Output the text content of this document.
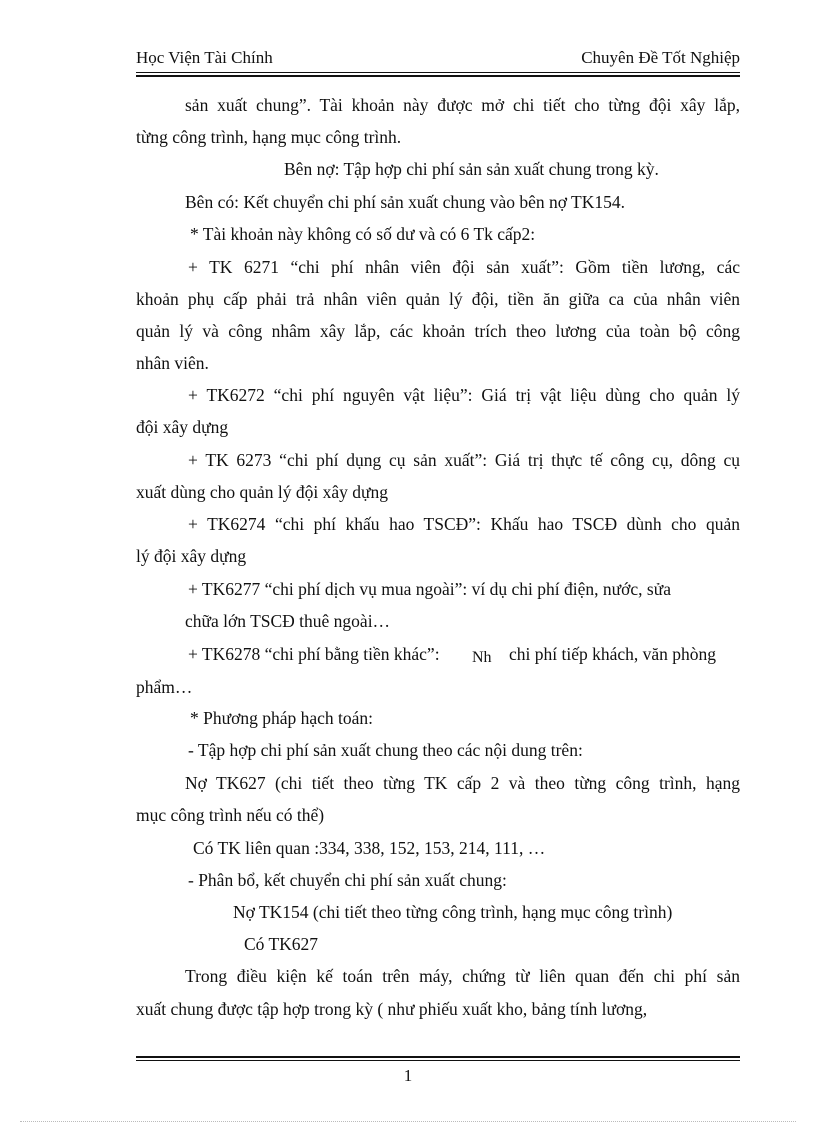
Học Viện Tài Chính	Chuyên Đề Tốt Nghiệp
sản xuất chung”. Tài khoản này được mở chi tiết cho từng đội xây lắp,
từng công trình, hạng mục công trình.
Bên nợ: Tập hợp chi phí sản sản xuất chung trong kỳ.
Bên có: Kết chuyển chi phí sản xuất chung vào bên nợ TK154.
* Tài khoản này không có số dư và có 6 Tk cấp2:
+ TK 6271 “chi phí nhân viên đội sản xuất”: Gồm tiền lương, các
khoản phụ cấp phải trả nhân viên quản lý đội, tiền ăn giữa ca của nhân viên
quản lý và công nhâm xây lắp, các khoản trích theo lương của toàn bộ công
nhân viên.
+ TK6272 “chi phí nguyên vật liệu”: Giá trị vật liệu dùng cho quản lý
đội xây dựng
+ TK 6273 “chi phí dụng cụ sản xuất”: Giá trị thực tế công cụ, dông cụ
xuất dùng cho quản lý đội xây dựng
+ TK6274 “chi phí khấu hao TSCĐ”: Khấu hao TSCĐ dùnh cho quản
lý đội xây dựng
+ TK6277 “chi phí dịch vụ mua ngoài”: ví dụ chi phí điện, nước, sửa
chữa lớn TSCĐ thuê ngoài…
+ TK6278 “chi phí bằng tiền khác”: Nh chi phí tiếp khách, văn phòng
phẩm…
* Phương pháp hạch toán:
- Tập hợp chi phí sản xuất chung theo các nội dung trên:
Nợ TK627 (chi tiết theo từng TK cấp 2 và theo từng công trình, hạng
mục công trình nếu có thể)
Có TK liên quan :334, 338, 152, 153, 214, 111, …
- Phân bổ, kết chuyển chi phí sản xuất chung:
Nợ TK154 (chi tiết theo từng công trình, hạng mục công trình)
Có TK627
Trong điều kiện kế toán trên máy, chứng từ liên quan đến chi phí sản
xuất chung được tập hợp trong kỳ ( như phiếu xuất kho, bảng tính lương,
1
